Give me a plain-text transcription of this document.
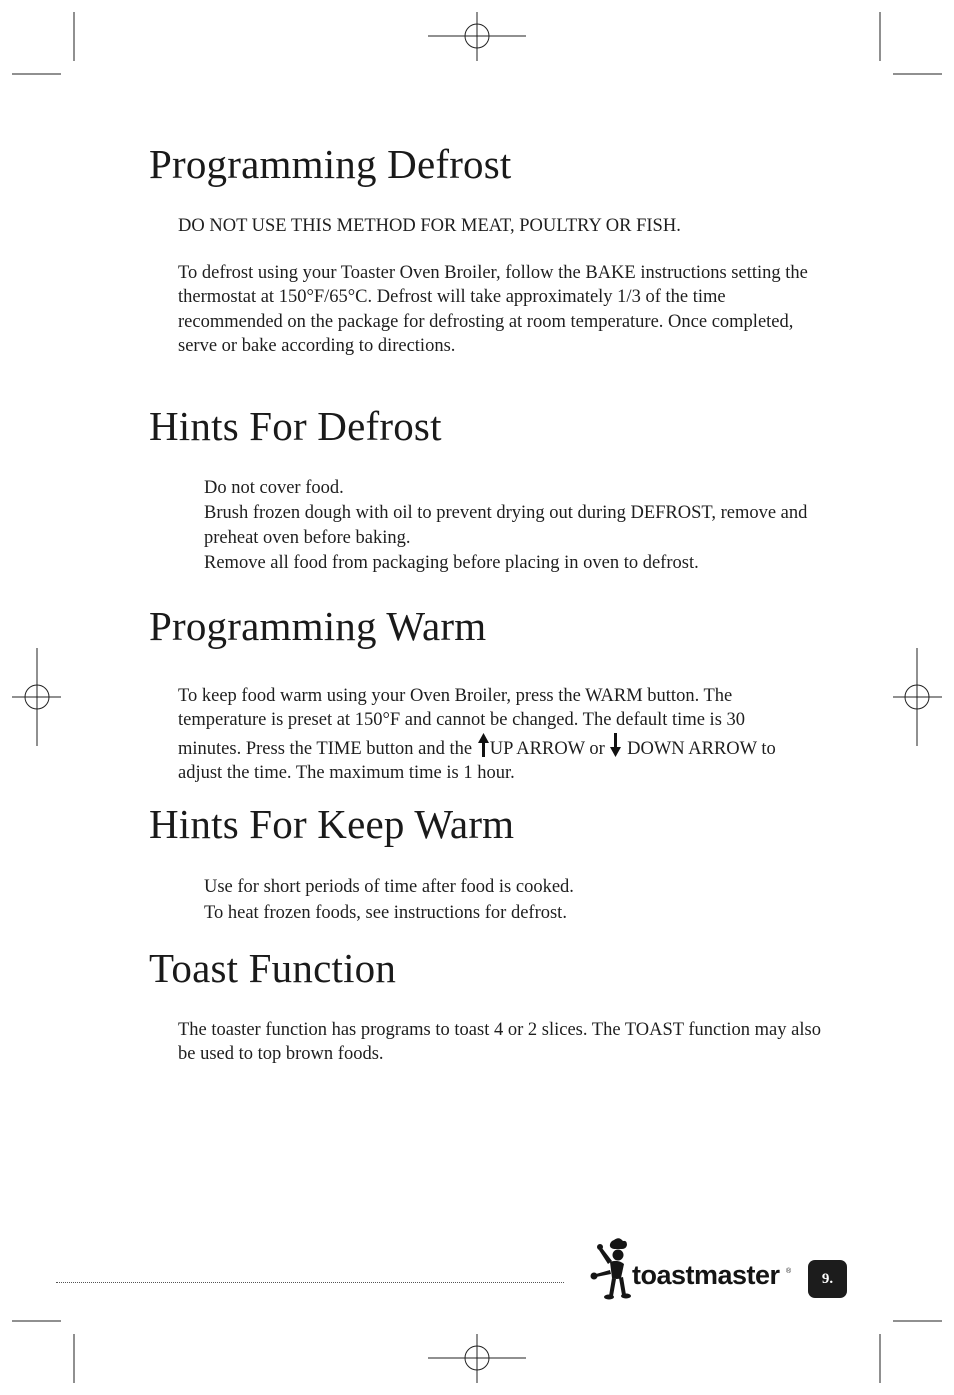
Programming Defrost

DO NOT USE THIS METHOD FOR MEAT, POULTRY OR FISH.

To defrost using your Toaster Oven Broiler, follow the BAKE instructions setting the thermostat at 150°F/65°C. Defrost will take approximately 1/3 of the time recommended on the package for defrosting at room temperature. Once completed, serve or bake according to directions.

Hints For Defrost
Do not cover food.
Brush frozen dough with oil to prevent drying out during DEFROST, remove and preheat oven before baking.
Remove all food from packaging before placing in oven to defrost.
Programming Warm

To keep food warm using your Oven Broiler, press the WARM button. The temperature is preset at 150°F and cannot be changed. The default time is 30 minutes. Press the TIME button and the UP ARROW or DOWN ARROW to adjust the time. The maximum time is 1 hour.

Hints For Keep Warm
Use for short periods of time after food is cooked.
To heat frozen foods, see instructions for defrost.
Toast Function

The toaster function has programs to toast 4 or 2 slices. The TOAST function may also be used to top brown foods.

toastmaster ®	9.
